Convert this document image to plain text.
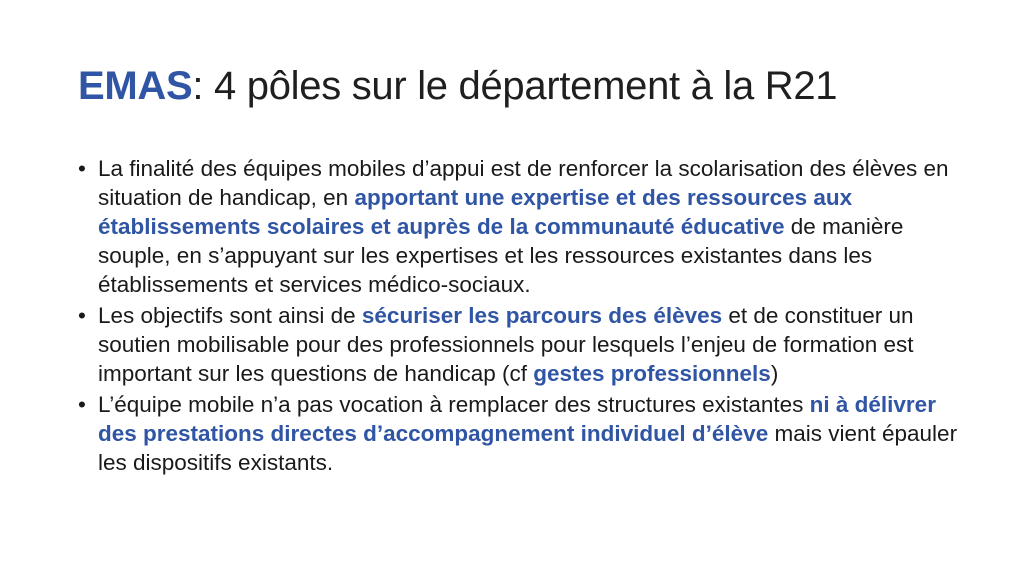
EMAS: 4 pôles sur le département à la R21
• La finalité des équipes mobiles d’appui est de renforcer la scolarisation des élèves en situation de handicap, en apportant une expertise et des ressources aux établissements scolaires et auprès de la communauté éducative de manière souple, en s’appuyant sur les expertises et les ressources existantes dans les établissements et services médico-sociaux.
• Les objectifs sont ainsi de sécuriser les parcours des élèves et de constituer un soutien mobilisable pour des professionnels pour lesquels l’enjeu de formation est important sur les questions de handicap (cf gestes professionnels)
• L’équipe mobile n’a pas vocation à remplacer des structures existantes ni à délivrer des prestations directes d’accompagnement individuel d’élève mais vient épauler les dispositifs existants.
